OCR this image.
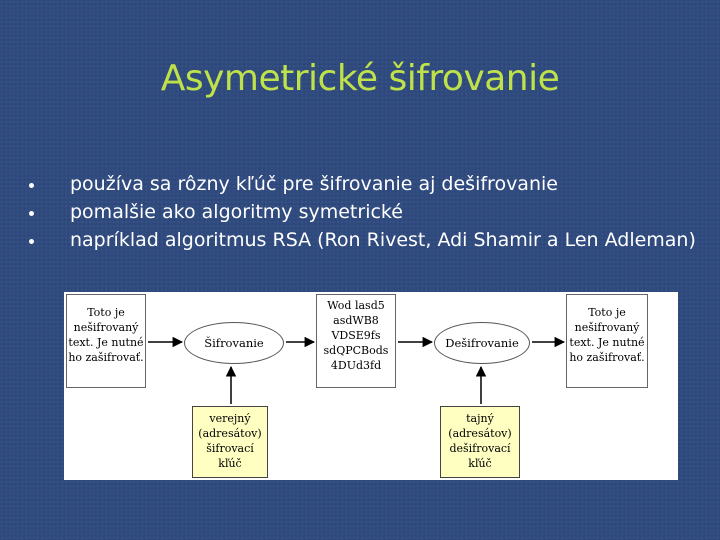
Asymetrické šifrovanie
používa sa rôzny kľúč pre šifrovanie aj dešifrovanie
pomalšie ako algoritmy symetrické
napríklad algoritmus RSA (Ron Rivest, Adi Shamir a Len Adleman)
Toto je
nešifrovaný
text. Je nutné
ho zašifrovať.
Šifrovanie
Wod lasd5
asdWB8
VDSE9fs
sdQPCBods
4DUd3fd
Dešifrovanie
Toto je
nešifrovaný
text. Je nutné
ho zašifrovať.
verejný
(adresátov)
šifrovací
kľúč
tajný
(adresátov)
dešifrovací
kľúč
